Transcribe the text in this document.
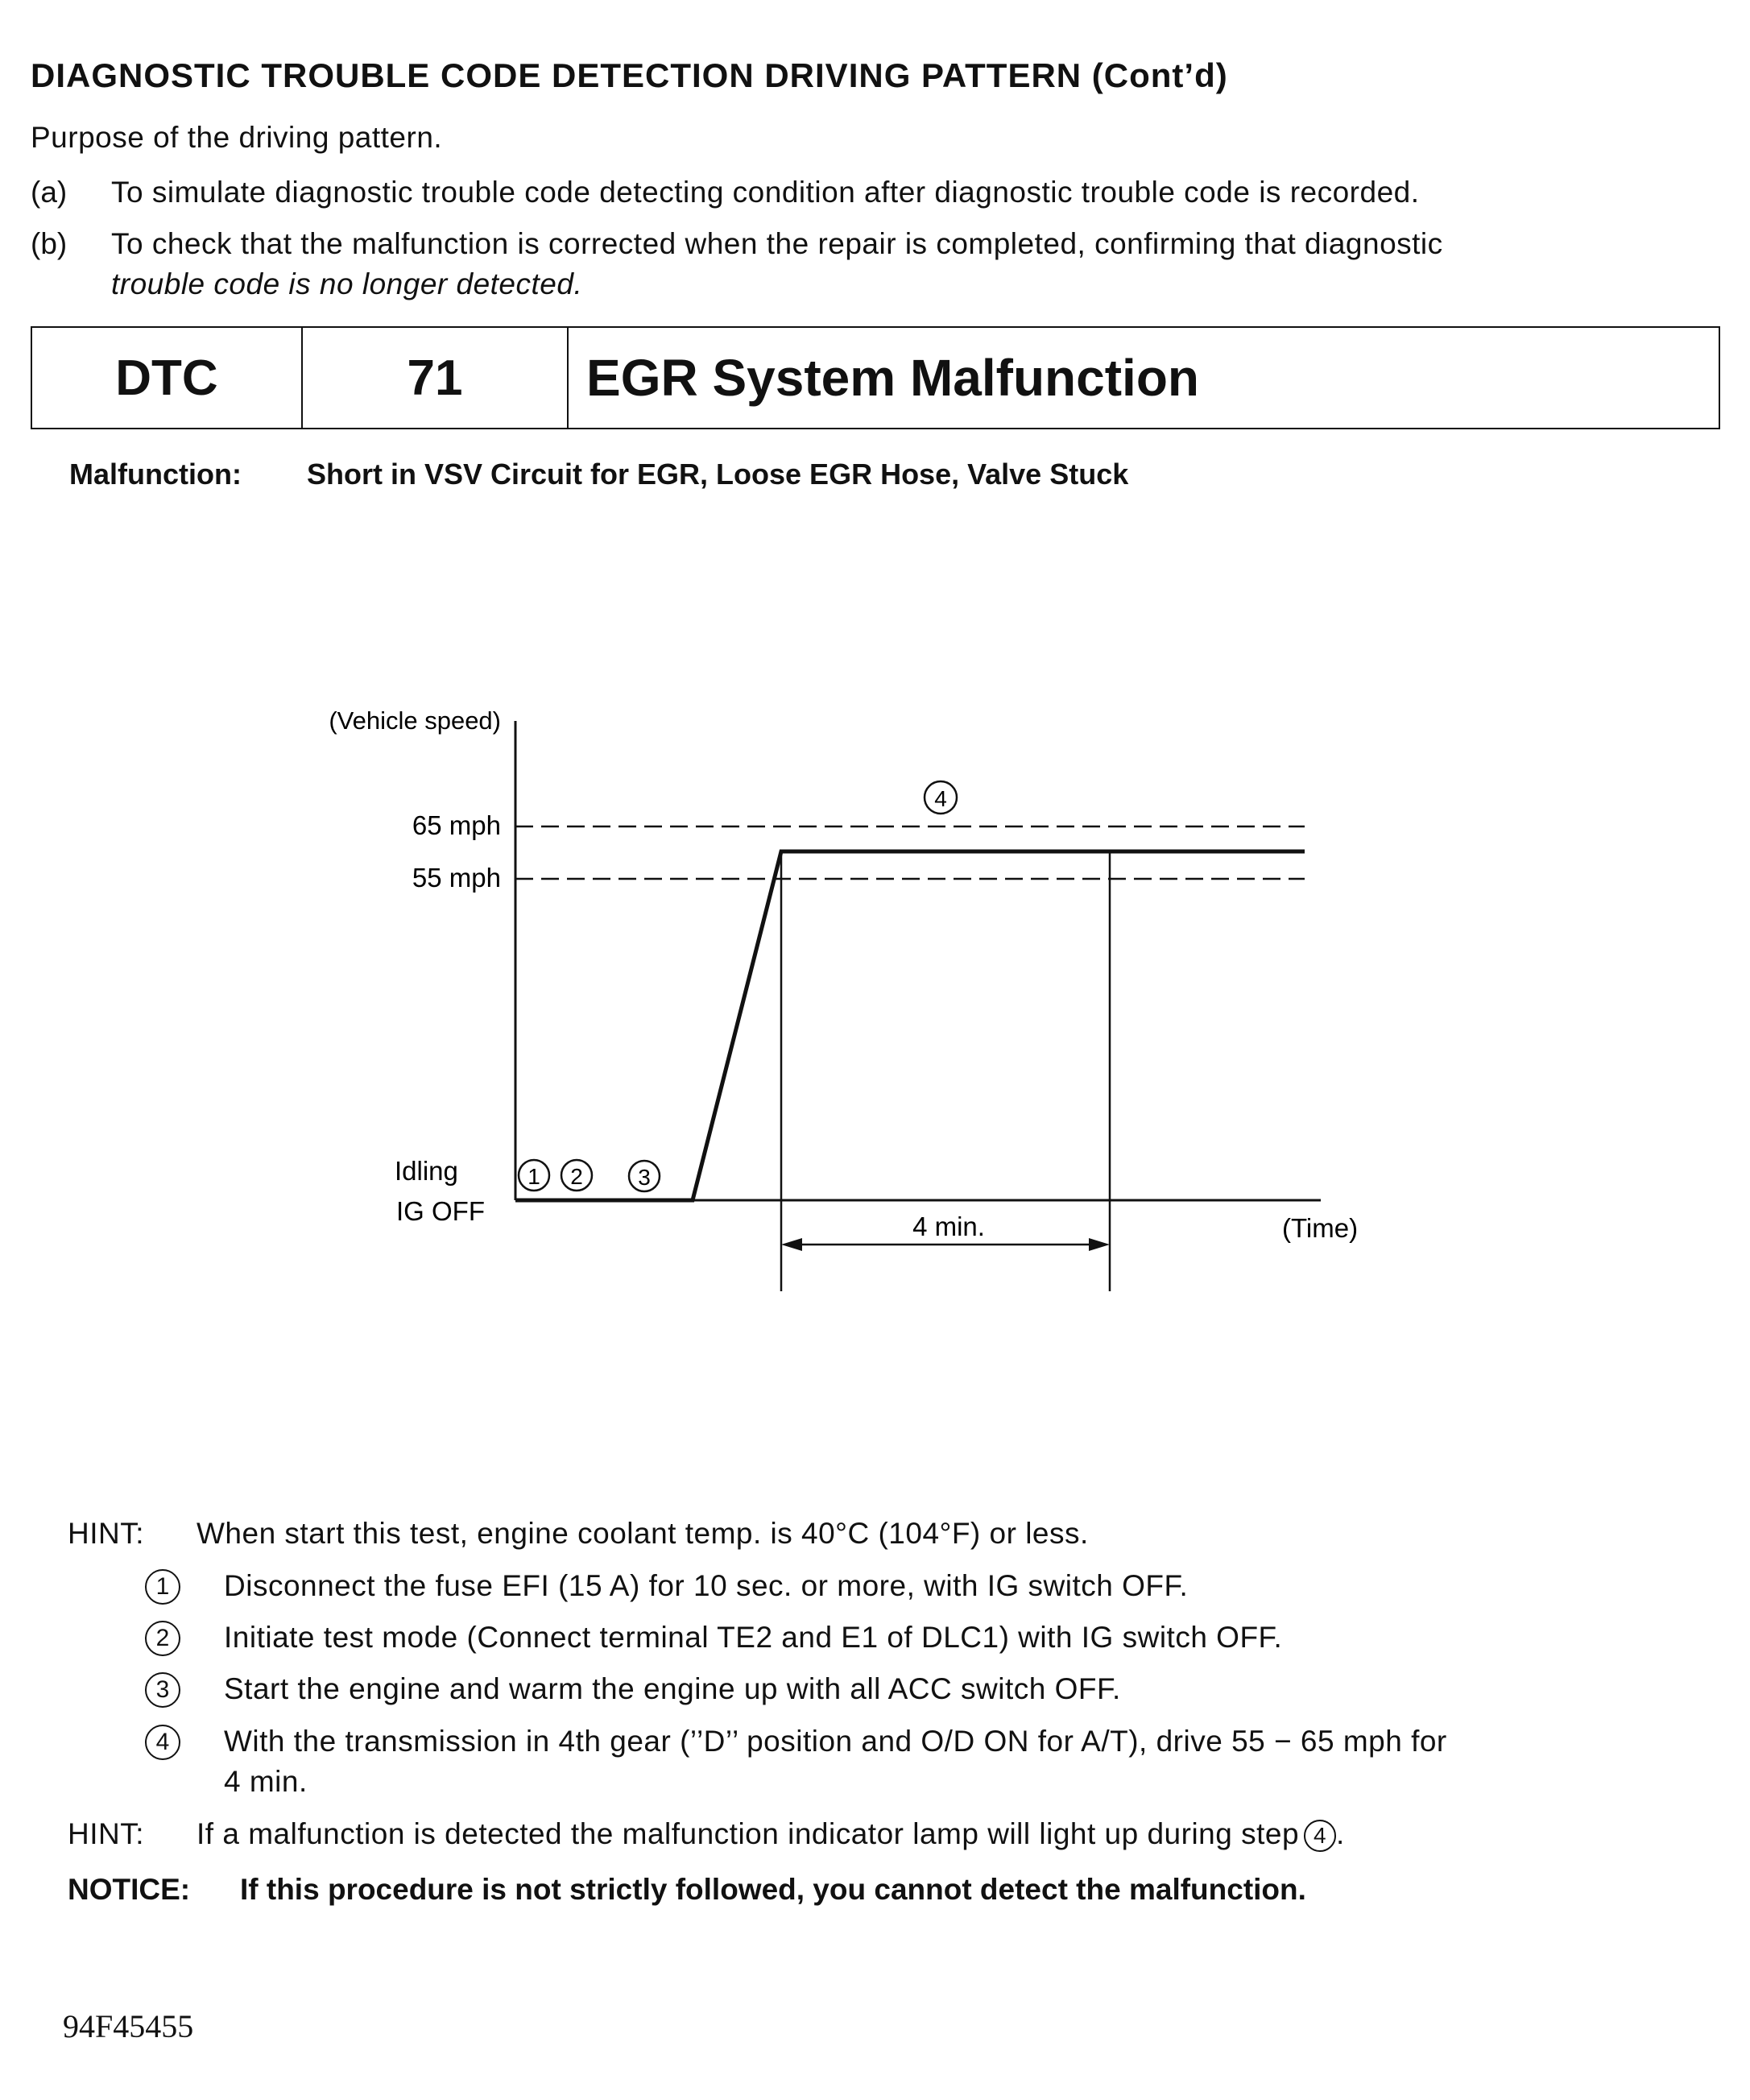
DIAGNOSTIC TROUBLE CODE DETECTION DRIVING PATTERN (Cont’d)
Purpose of the driving pattern.
(a) To simulate diagnostic trouble code detecting condition after diagnostic trouble code is recorded.
(b) To check that the malfunction is corrected when the repair is completed, confirming that diagnostic
trouble code is no longer detected.
DTC	71	EGR System Malfunction
Malfunction: Short in VSV Circuit for EGR, Loose EGR Hose, Valve Stuck
(Vehicle speed)
65 mph
55 mph
Idling
IG OFF
(Time)
4 min.
1 2 3
4
HINT: When start this test, engine coolant temp. is 40°C (104°F) or less.
1	Disconnect the fuse EFI (15 A) for 10 sec. or more, with IG switch OFF.
2	Initiate test mode (Connect terminal TE2 and E1 of DLC1) with IG switch OFF.
3	Start the engine and warm the engine up with all ACC switch OFF.
4	With the transmission in 4th gear (’’D’’ position and O/D ON for A/T), drive 55 − 65 mph for
4 min.
HINT: If a malfunction is detected the malfunction indicator lamp will light up during step 4 .
NOTICE: If this procedure is not strictly followed, you cannot detect the malfunction.
94F45455
